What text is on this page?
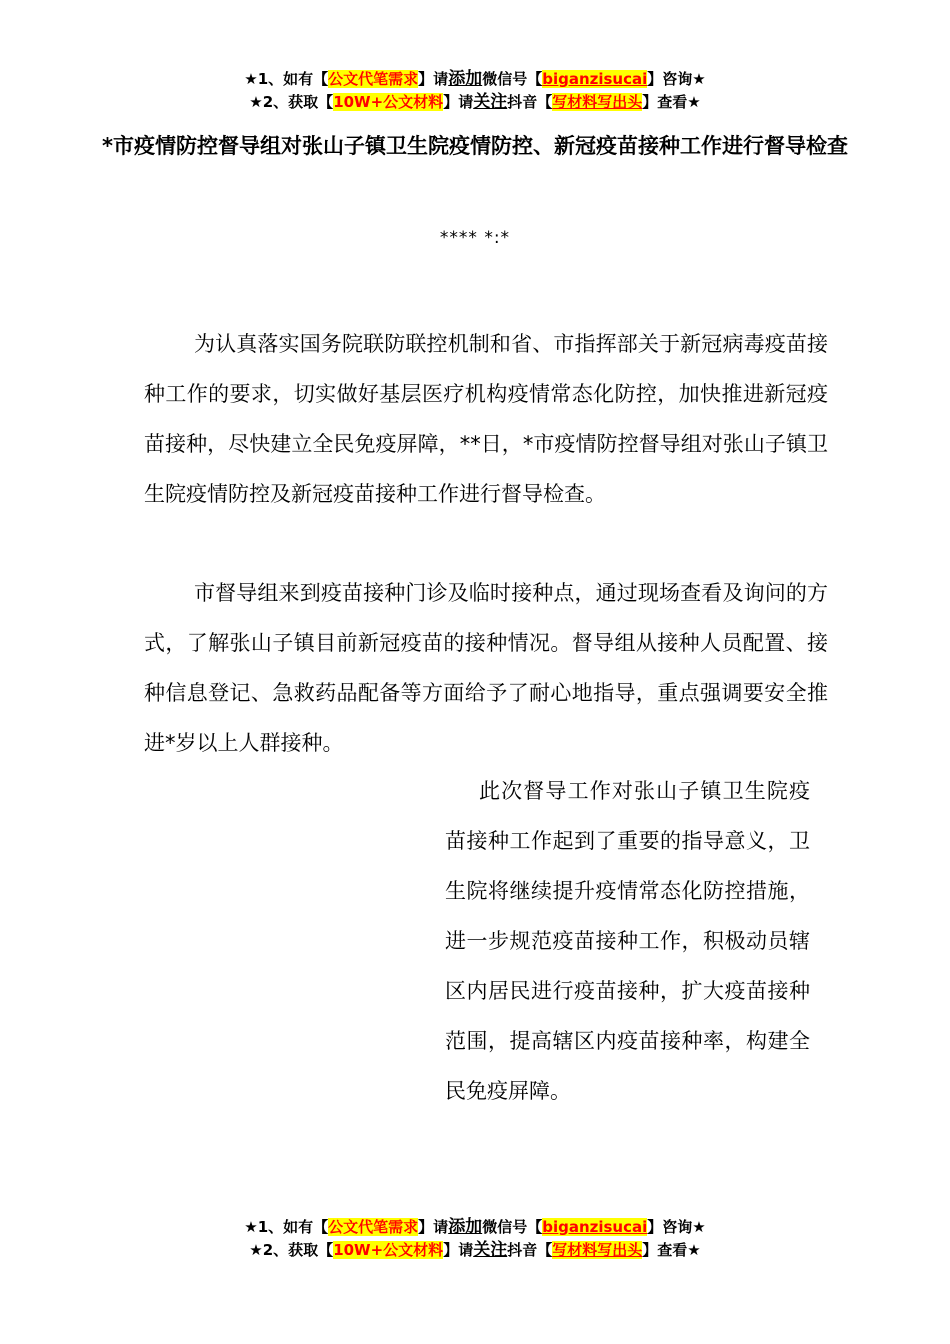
★1、如有【公文代笔需求】请添加微信号【biganzisucai】咨询★
★2、获取【10W+公文材料】请关注抖音【写材料写出头】查看★
*市疫情防控督导组对张山子镇卫生院疫情防控、新冠疫苗接种工作进行督导检查
**** *:*
为认真落实国务院联防联控机制和省、市指挥部关于新冠病毒疫苗接种工作的要求，切实做好基层医疗机构疫情常态化防控，加快推进新冠疫苗接种，尽快建立全民免疫屏障，**日，*市疫情防控督导组对张山子镇卫生院疫情防控及新冠疫苗接种工作进行督导检查。
市督导组来到疫苗接种门诊及临时接种点，通过现场查看及询问的方式，了解张山子镇目前新冠疫苗的接种情况。督导组从接种人员配置、接种信息登记、急救药品配备等方面给予了耐心地指导，重点强调要安全推进*岁以上人群接种。
此次督导工作对张山子镇卫生院疫苗接种工作起到了重要的指导意义，卫生院将继续提升疫情常态化防控措施，进一步规范疫苗接种工作，积极动员辖区内居民进行疫苗接种，扩大疫苗接种范围，提高辖区内疫苗接种率，构建全民免疫屏障。
★1、如有【公文代笔需求】请添加微信号【biganzisucai】咨询★
★2、获取【10W+公文材料】请关注抖音【写材料写出头】查看★
